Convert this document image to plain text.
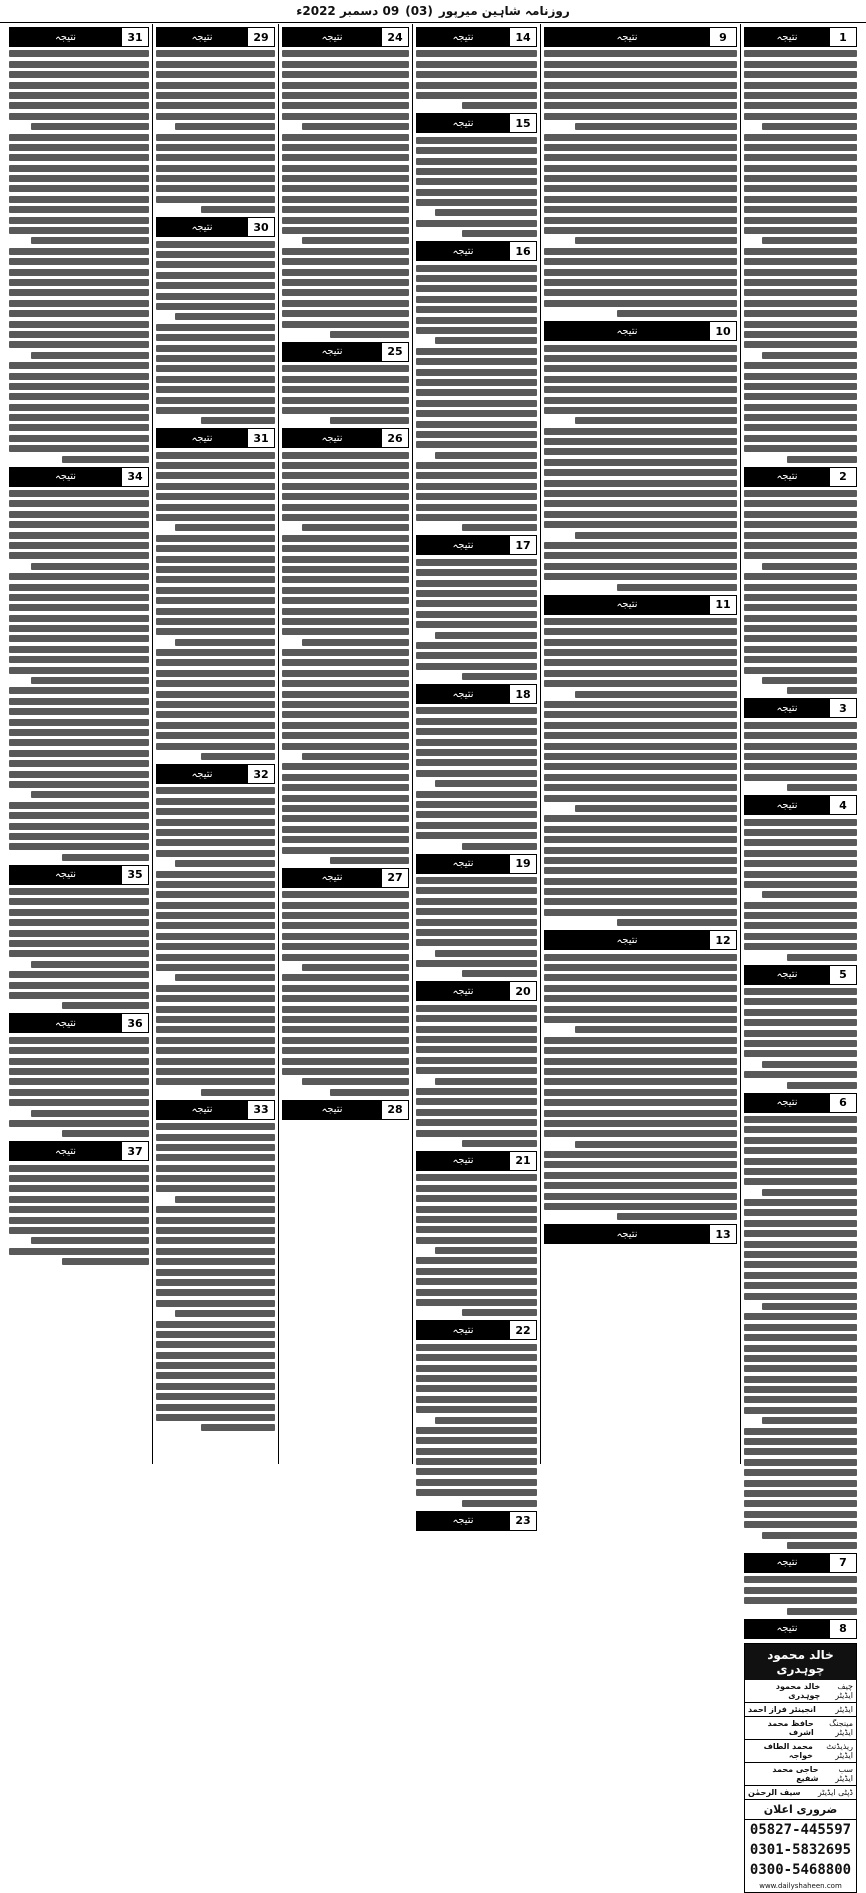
روزنامہ شاہین میرپور
(03)
09 دسمبر 2022ء
1
نتیجہ
2
نتیجہ
3
نتیجہ
4
نتیجہ
5
نتیجہ
6
نتیجہ
7
نتیجہ
8
نتیجہ
خالد محمود چوہدری
چیف ایڈیٹر
خالد محمود چوہدری
ایڈیٹر
انجینئر فراز احمد
مینجنگ ایڈیٹر
حافظ محمد اشرف
ریذیڈنٹ ایڈیٹر
محمد الطاف خواجہ
سب ایڈیٹر
حاجی محمد شفیع
ڈپٹی ایڈیٹر
سیف الرحمٰن
ضروری اعلان
05827-445597
0301-5832695
0300-5468800
www.dailyshaheen.com
9
نتیجہ
10
نتیجہ
11
نتیجہ
12
نتیجہ
13
نتیجہ
14
نتیجہ
15
نتیجہ
16
نتیجہ
17
نتیجہ
18
نتیجہ
19
نتیجہ
20
نتیجہ
21
نتیجہ
22
نتیجہ
23
نتیجہ
24
نتیجہ
25
نتیجہ
26
نتیجہ
27
نتیجہ
28
نتیجہ
29
نتیجہ
30
نتیجہ
31
نتیجہ
32
نتیجہ
33
نتیجہ
31
نتیجہ
34
نتیجہ
35
نتیجہ
36
نتیجہ
37
نتیجہ
